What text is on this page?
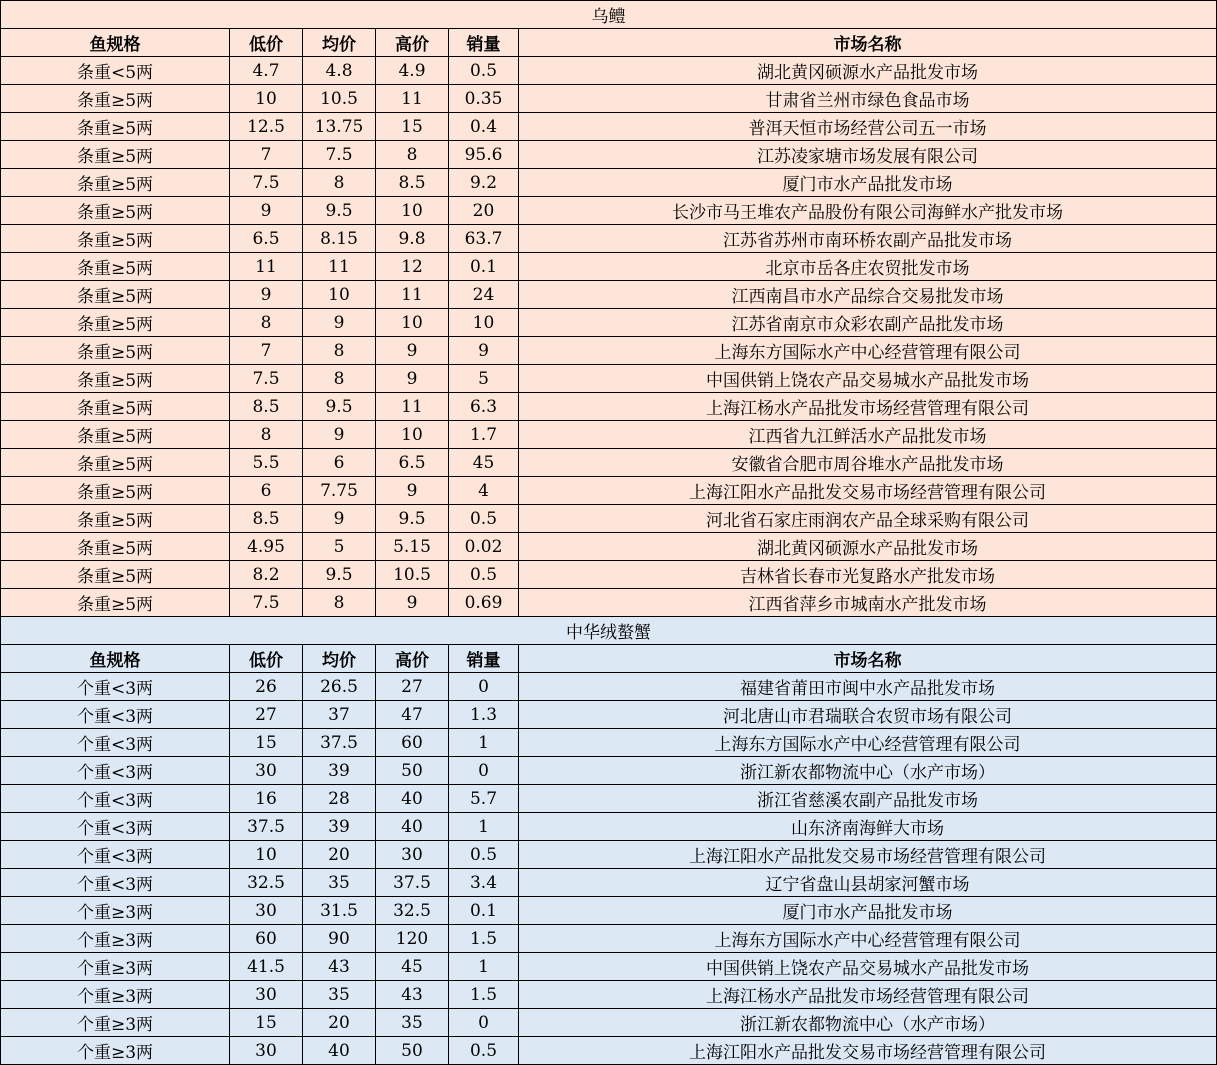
乌鳢					
鱼规格	低价	均价	高价	销量	市场名称
条重<5两	4.7	4.8	4.9	0.5	湖北黄冈硕源水产品批发市场
条重≥5两	10	10.5	11	0.35	甘肃省兰州市绿色食品市场
条重≥5两	12.5	13.75	15	0.4	普洱天恒市场经营公司五一市场
条重≥5两	7	7.5	8	95.6	江苏凌家塘市场发展有限公司
条重≥5两	7.5	8	8.5	9.2	厦门市水产品批发市场
条重≥5两	9	9.5	10	20	长沙市马王堆农产品股份有限公司海鲜水产批发市场
条重≥5两	6.5	8.15	9.8	63.7	江苏省苏州市南环桥农副产品批发市场
条重≥5两	11	11	12	0.1	北京市岳各庄农贸批发市场
条重≥5两	9	10	11	24	江西南昌市水产品综合交易批发市场
条重≥5两	8	9	10	10	江苏省南京市众彩农副产品批发市场
条重≥5两	7	8	9	9	上海东方国际水产中心经营管理有限公司
条重≥5两	7.5	8	9	5	中国供销上饶农产品交易城水产品批发市场
条重≥5两	8.5	9.5	11	6.3	上海江杨水产品批发市场经营管理有限公司
条重≥5两	8	9	10	1.7	江西省九江鲜活水产品批发市场
条重≥5两	5.5	6	6.5	45	安徽省合肥市周谷堆水产品批发市场
条重≥5两	6	7.75	9	4	上海江阳水产品批发交易市场经营管理有限公司
条重≥5两	8.5	9	9.5	0.5	河北省石家庄雨润农产品全球采购有限公司
条重≥5两	4.95	5	5.15	0.02	湖北黄冈硕源水产品批发市场
条重≥5两	8.2	9.5	10.5	0.5	吉林省长春市光复路水产批发市场
条重≥5两	7.5	8	9	0.69	江西省萍乡市城南水产批发市场
中华绒螯蟹					
鱼规格	低价	均价	高价	销量	市场名称
个重<3两	26	26.5	27	0	福建省莆田市闽中水产品批发市场
个重<3两	27	37	47	1.3	河北唐山市君瑞联合农贸市场有限公司
个重<3两	15	37.5	60	1	上海东方国际水产中心经营管理有限公司
个重<3两	30	39	50	0	浙江新农都物流中心（水产市场）
个重<3两	16	28	40	5.7	浙江省慈溪农副产品批发市场
个重<3两	37.5	39	40	1	山东济南海鲜大市场
个重<3两	10	20	30	0.5	上海江阳水产品批发交易市场经营管理有限公司
个重<3两	32.5	35	37.5	3.4	辽宁省盘山县胡家河蟹市场
个重≥3两	30	31.5	32.5	0.1	厦门市水产品批发市场
个重≥3两	60	90	120	1.5	上海东方国际水产中心经营管理有限公司
个重≥3两	41.5	43	45	1	中国供销上饶农产品交易城水产品批发市场
个重≥3两	30	35	43	1.5	上海江杨水产品批发市场经营管理有限公司
个重≥3两	15	20	35	0	浙江新农都物流中心（水产市场）
个重≥3两	30	40	50	0.5	上海江阳水产品批发交易市场经营管理有限公司
